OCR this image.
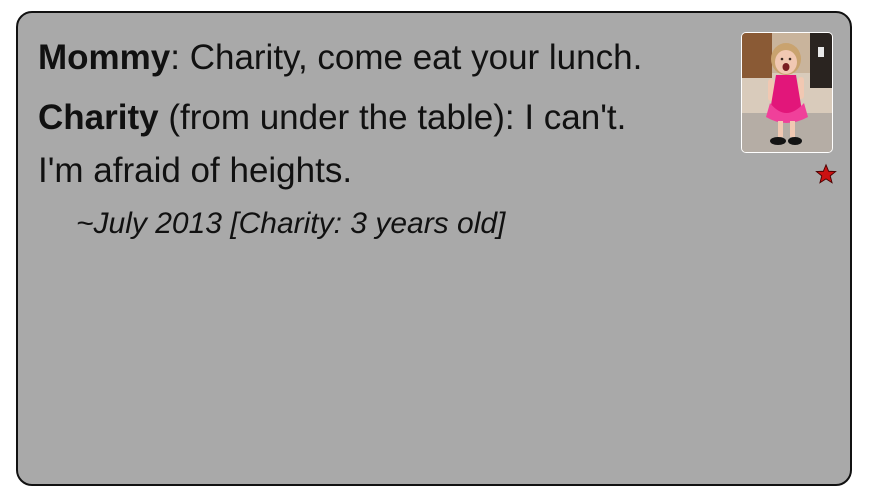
Mommy: Charity, come eat your lunch.
Charity (from under the table): I can't.
I'm afraid of heights.
~July 2013 [Charity: 3 years old]
